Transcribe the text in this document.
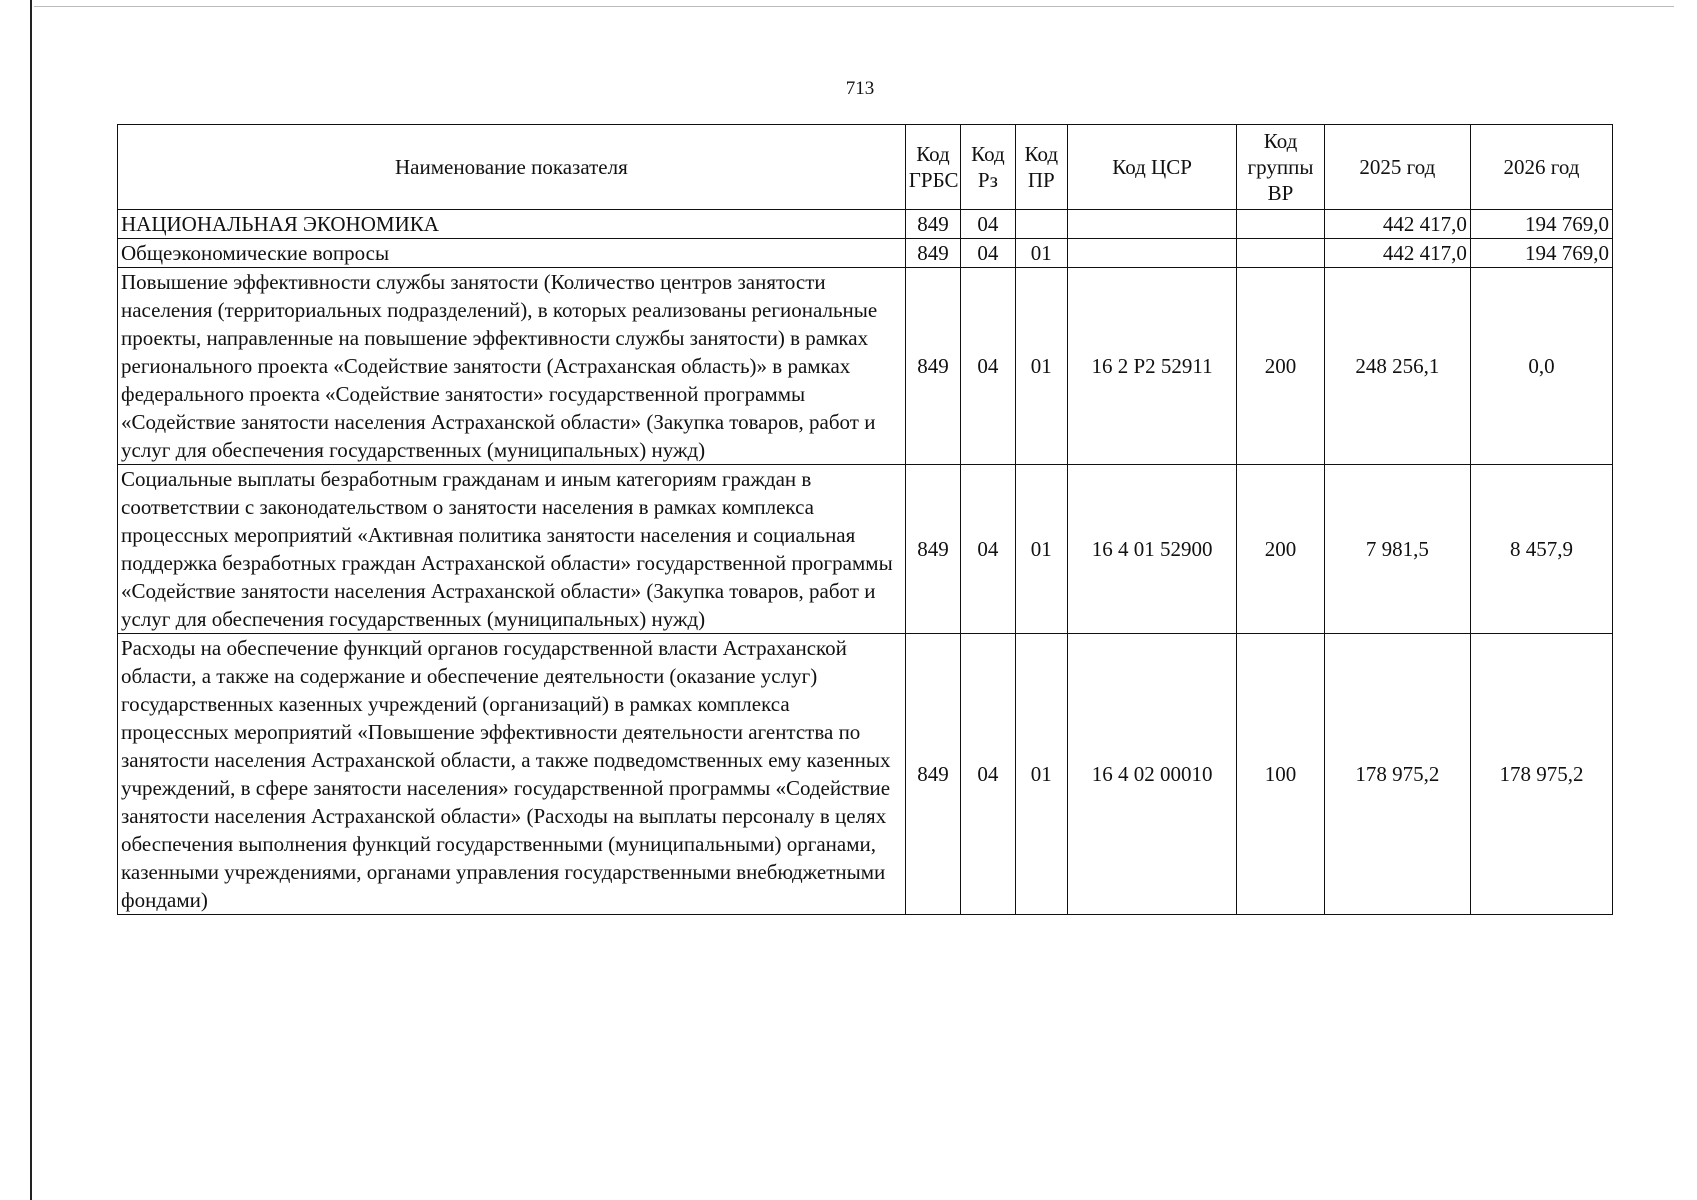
713
Наименование показателя	Код ГРБС	Код Рз	Код ПР	Код ЦСР	Код группы ВР	2025 год	2026 год
НАЦИОНАЛЬНАЯ ЭКОНОМИКА	849	04				442 417,0	194 769,0
Общеэкономические вопросы	849	04	01			442 417,0	194 769,0
Повышение эффективности службы занятости (Количество центров занятости населения (территориальных подразделений), в которых реализованы региональные проекты, направленные на повышение эффективности службы занятости) в рамках регионального проекта «Содействие занятости (Астраханская область)» в рамках федерального проекта «Содействие занятости» государственной программы «Содействие занятости населения Астраханской области» (Закупка товаров, работ и услуг для обеспечения государственных (муниципальных) нужд)	849	04	01	16 2 Р2 52911	200	248 256,1	0,0
Социальные выплаты безработным гражданам и иным категориям граждан в соответствии с законодательством о занятости населения в рамках комплекса процессных мероприятий «Активная политика занятости населения и социальная поддержка безработных граждан Астраханской области» государственной программы «Содействие занятости населения Астраханской области» (Закупка товаров, работ и услуг для обеспечения государственных (муниципальных) нужд)	849	04	01	16 4 01 52900	200	7 981,5	8 457,9
Расходы на обеспечение функций органов государственной власти Астраханской области, а также на содержание и обеспечение деятельности (оказание услуг) государственных казенных учреждений (организаций) в рамках комплекса процессных мероприятий «Повышение эффективности деятельности агентства по занятости населения Астраханской области, а также подведомственных ему казенных учреждений, в сфере занятости населения» государственной программы «Содействие занятости населения Астраханской области» (Расходы на выплаты персоналу в целях обеспечения выполнения функций государственными (муниципальными) органами, казенными учреждениями, органами управления государственными внебюджетными фондами)	849	04	01	16 4 02 00010	100	178 975,2	178 975,2
